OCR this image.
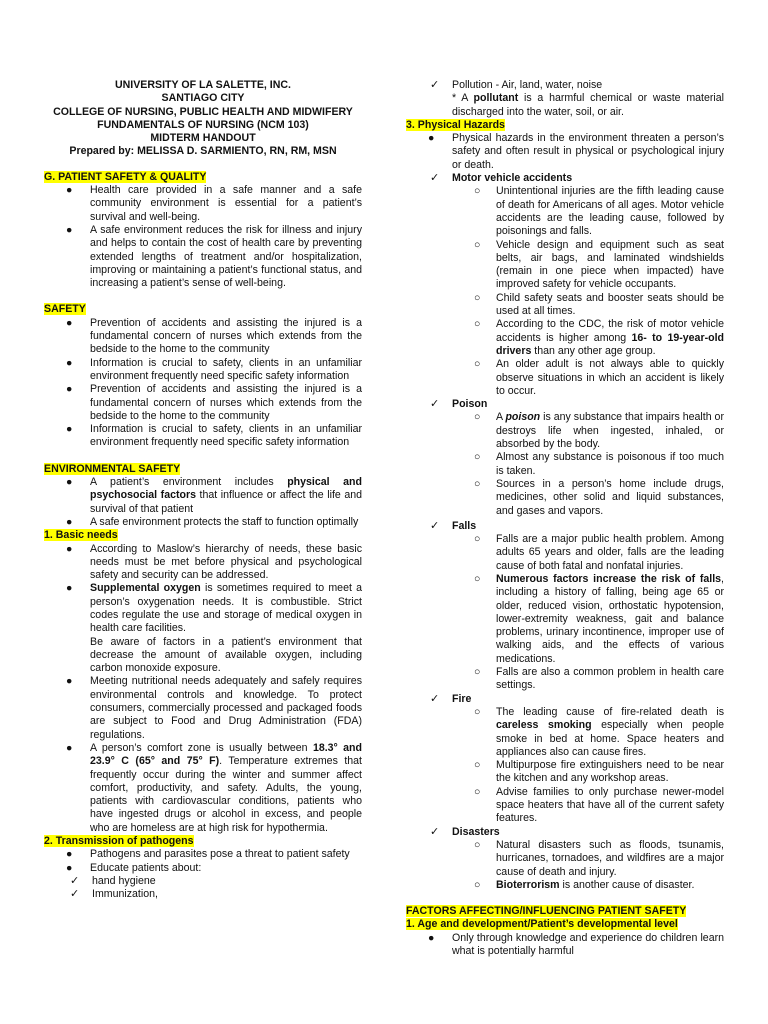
UNIVERSITY OF LA SALETTE, INC.
SANTIAGO CITY
COLLEGE OF NURSING, PUBLIC HEALTH AND MIDWIFERY
FUNDAMENTALS OF NURSING (NCM 103)
MIDTERM HANDOUT
Prepared by: MELISSA D. SARMIENTO, RN, RM, MSN
G. PATIENT SAFETY & QUALITY
● Health care provided in a safe manner and a safe community environment is essential for a patient’s survival and well-being.
● A safe environment reduces the risk for illness and injury and helps to contain the cost of health care by preventing extended lengths of treatment and/or hospitalization, improving or maintaining a patient’s functional status, and increasing a patient’s sense of well-being.
SAFETY
● Prevention of accidents and assisting the injured is a fundamental concern of nurses which extends from the bedside to the home to the community
● Information is crucial to safety, clients in an unfamiliar environment frequently need specific safety information
● Prevention of accidents and assisting the injured is a fundamental concern of nurses which extends from the bedside to the home to the community
● Information is crucial to safety, clients in an unfamiliar environment frequently need specific safety information
ENVIRONMENTAL SAFETY
● A patient’s environment includes physical and psychosocial factors that influence or affect the life and survival of that patient
● A safe environment protects the staff to function optimally
1. Basic needs
● According to Maslow’s hierarchy of needs, these basic needs must be met before physical and psychological safety and security can be addressed.
● Supplemental oxygen is sometimes required to meet a person’s oxygenation needs. It is combustible. Strict codes regulate the use and storage of medical oxygen in health care facilities.
Be aware of factors in a patient’s environment that decrease the amount of available oxygen, including carbon monoxide exposure.
● Meeting nutritional needs adequately and safely requires environmental controls and knowledge. To protect consumers, commercially processed and packaged foods are subject to Food and Drug Administration (FDA) regulations.
● A person’s comfort zone is usually between 18.3° and 23.9° C (65° and 75° F). Temperature extremes that frequently occur during the winter and summer affect comfort, productivity, and safety. Adults, the young, patients with cardiovascular conditions, patients who have ingested drugs or alcohol in excess, and people who are homeless are at high risk for hypothermia.
2. Transmission of pathogens
● Pathogens and parasites pose a threat to patient safety
● Educate patients about:
✓ hand hygiene
✓ Immunization,
✓ Pollution - Air, land, water, noise
* A pollutant is a harmful chemical or waste material discharged into the water, soil, or air.
3. Physical Hazards
● Physical hazards in the environment threaten a person’s safety and often result in physical or psychological injury or death.
✓ Motor vehicle accidents
○ Unintentional injuries are the fifth leading cause of death for Americans of all ages. Motor vehicle accidents are the leading cause, followed by poisonings and falls.
○ Vehicle design and equipment such as seat belts, air bags, and laminated windshields (remain in one piece when impacted) have improved safety for vehicle occupants.
○ Child safety seats and booster seats should be used at all times.
○ According to the CDC, the risk of motor vehicle accidents is higher among 16- to 19-year-old drivers than any other age group.
○ An older adult is not always able to quickly observe situations in which an accident is likely to occur.
✓ Poison
○ A poison is any substance that impairs health or destroys life when ingested, inhaled, or absorbed by the body.
○ Almost any substance is poisonous if too much is taken.
○ Sources in a person’s home include drugs, medicines, other solid and liquid substances, and gases and vapors.
✓ Falls
○ Falls are a major public health problem. Among adults 65 years and older, falls are the leading cause of both fatal and nonfatal injuries.
○ Numerous factors increase the risk of falls, including a history of falling, being age 65 or older, reduced vision, orthostatic hypotension, lower-extremity weakness, gait and balance problems, urinary incontinence, improper use of walking aids, and the effects of various medications.
○ Falls are also a common problem in health care settings.
✓ Fire
○ The leading cause of fire-related death is careless smoking especially when people smoke in bed at home. Space heaters and appliances also can cause fires.
○ Multipurpose fire extinguishers need to be near the kitchen and any workshop areas.
○ Advise families to only purchase newer-model space heaters that have all of the current safety features.
✓ Disasters
○ Natural disasters such as floods, tsunamis, hurricanes, tornadoes, and wildfires are a major cause of death and injury.
○ Bioterrorism is another cause of disaster.
FACTORS AFFECTING/INFLUENCING PATIENT SAFETY
1. Age and development/Patient’s developmental level
● Only through knowledge and experience do children learn what is potentially harmful
